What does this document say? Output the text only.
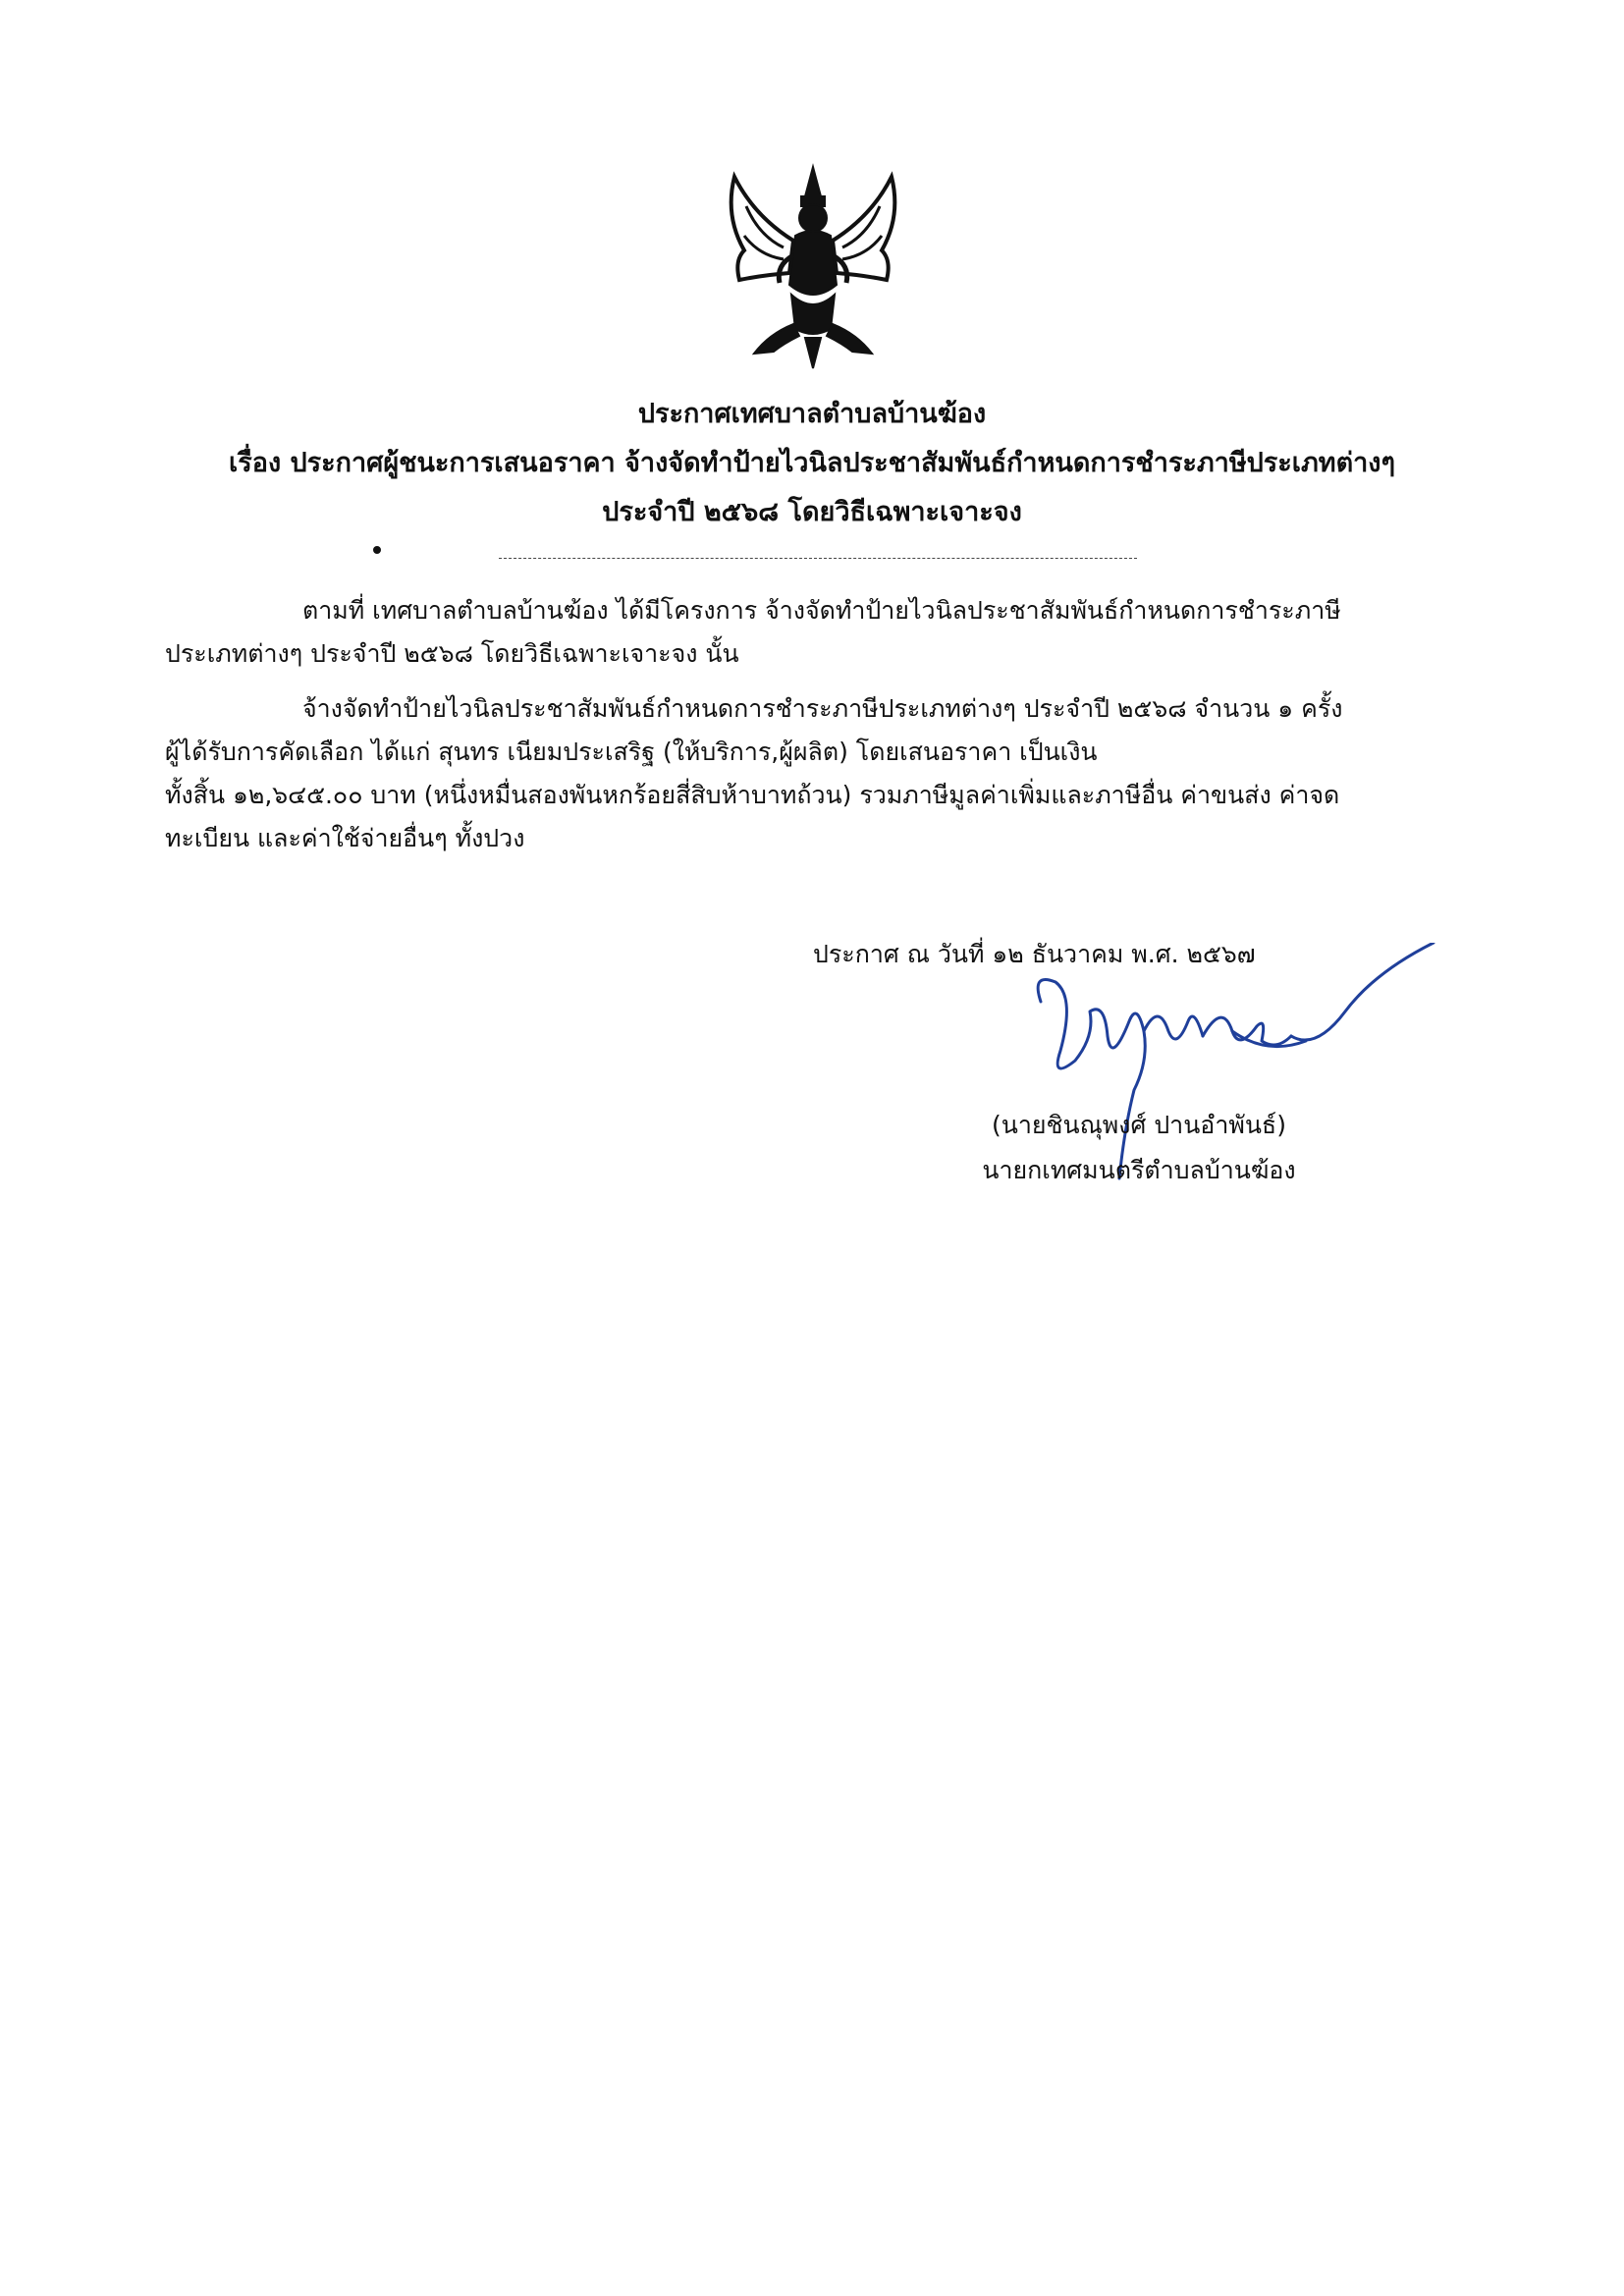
ประกาศเทศบาลตำบลบ้านฆ้อง
เรื่อง ประกาศผู้ชนะการเสนอราคา จ้างจัดทำป้ายไวนิลประชาสัมพันธ์กำหนดการชำระภาษีประเภทต่างๆ
ประจำปี ๒๕๖๘ โดยวิธีเฉพาะเจาะจง
ตามที่ เทศบาลตำบลบ้านฆ้อง ได้มีโครงการ จ้างจัดทำป้ายไวนิลประชาสัมพันธ์กำหนดการชำระภาษี
ประเภทต่างๆ ประจำปี ๒๕๖๘ โดยวิธีเฉพาะเจาะจง นั้น
จ้างจัดทำป้ายไวนิลประชาสัมพันธ์กำหนดการชำระภาษีประเภทต่างๆ ประจำปี ๒๕๖๘ จำนวน ๑ ครั้ง
ผู้ได้รับการคัดเลือก ได้แก่ สุนทร เนียมประเสริฐ (ให้บริการ,ผู้ผลิต) โดยเสนอราคา เป็นเงิน
ทั้งสิ้น ๑๒,๖๔๕.๐๐ บาท (หนึ่งหมื่นสองพันหกร้อยสี่สิบห้าบาทถ้วน) รวมภาษีมูลค่าเพิ่มและภาษีอื่น ค่าขนส่ง ค่าจด
ทะเบียน และค่าใช้จ่ายอื่นๆ ทั้งปวง
ประกาศ ณ วันที่ ๑๒ ธันวาคม พ.ศ. ๒๕๖๗
(นายชินณุพงศ์ ปานอำพันธ์)
นายกเทศมนตรีตำบลบ้านฆ้อง
